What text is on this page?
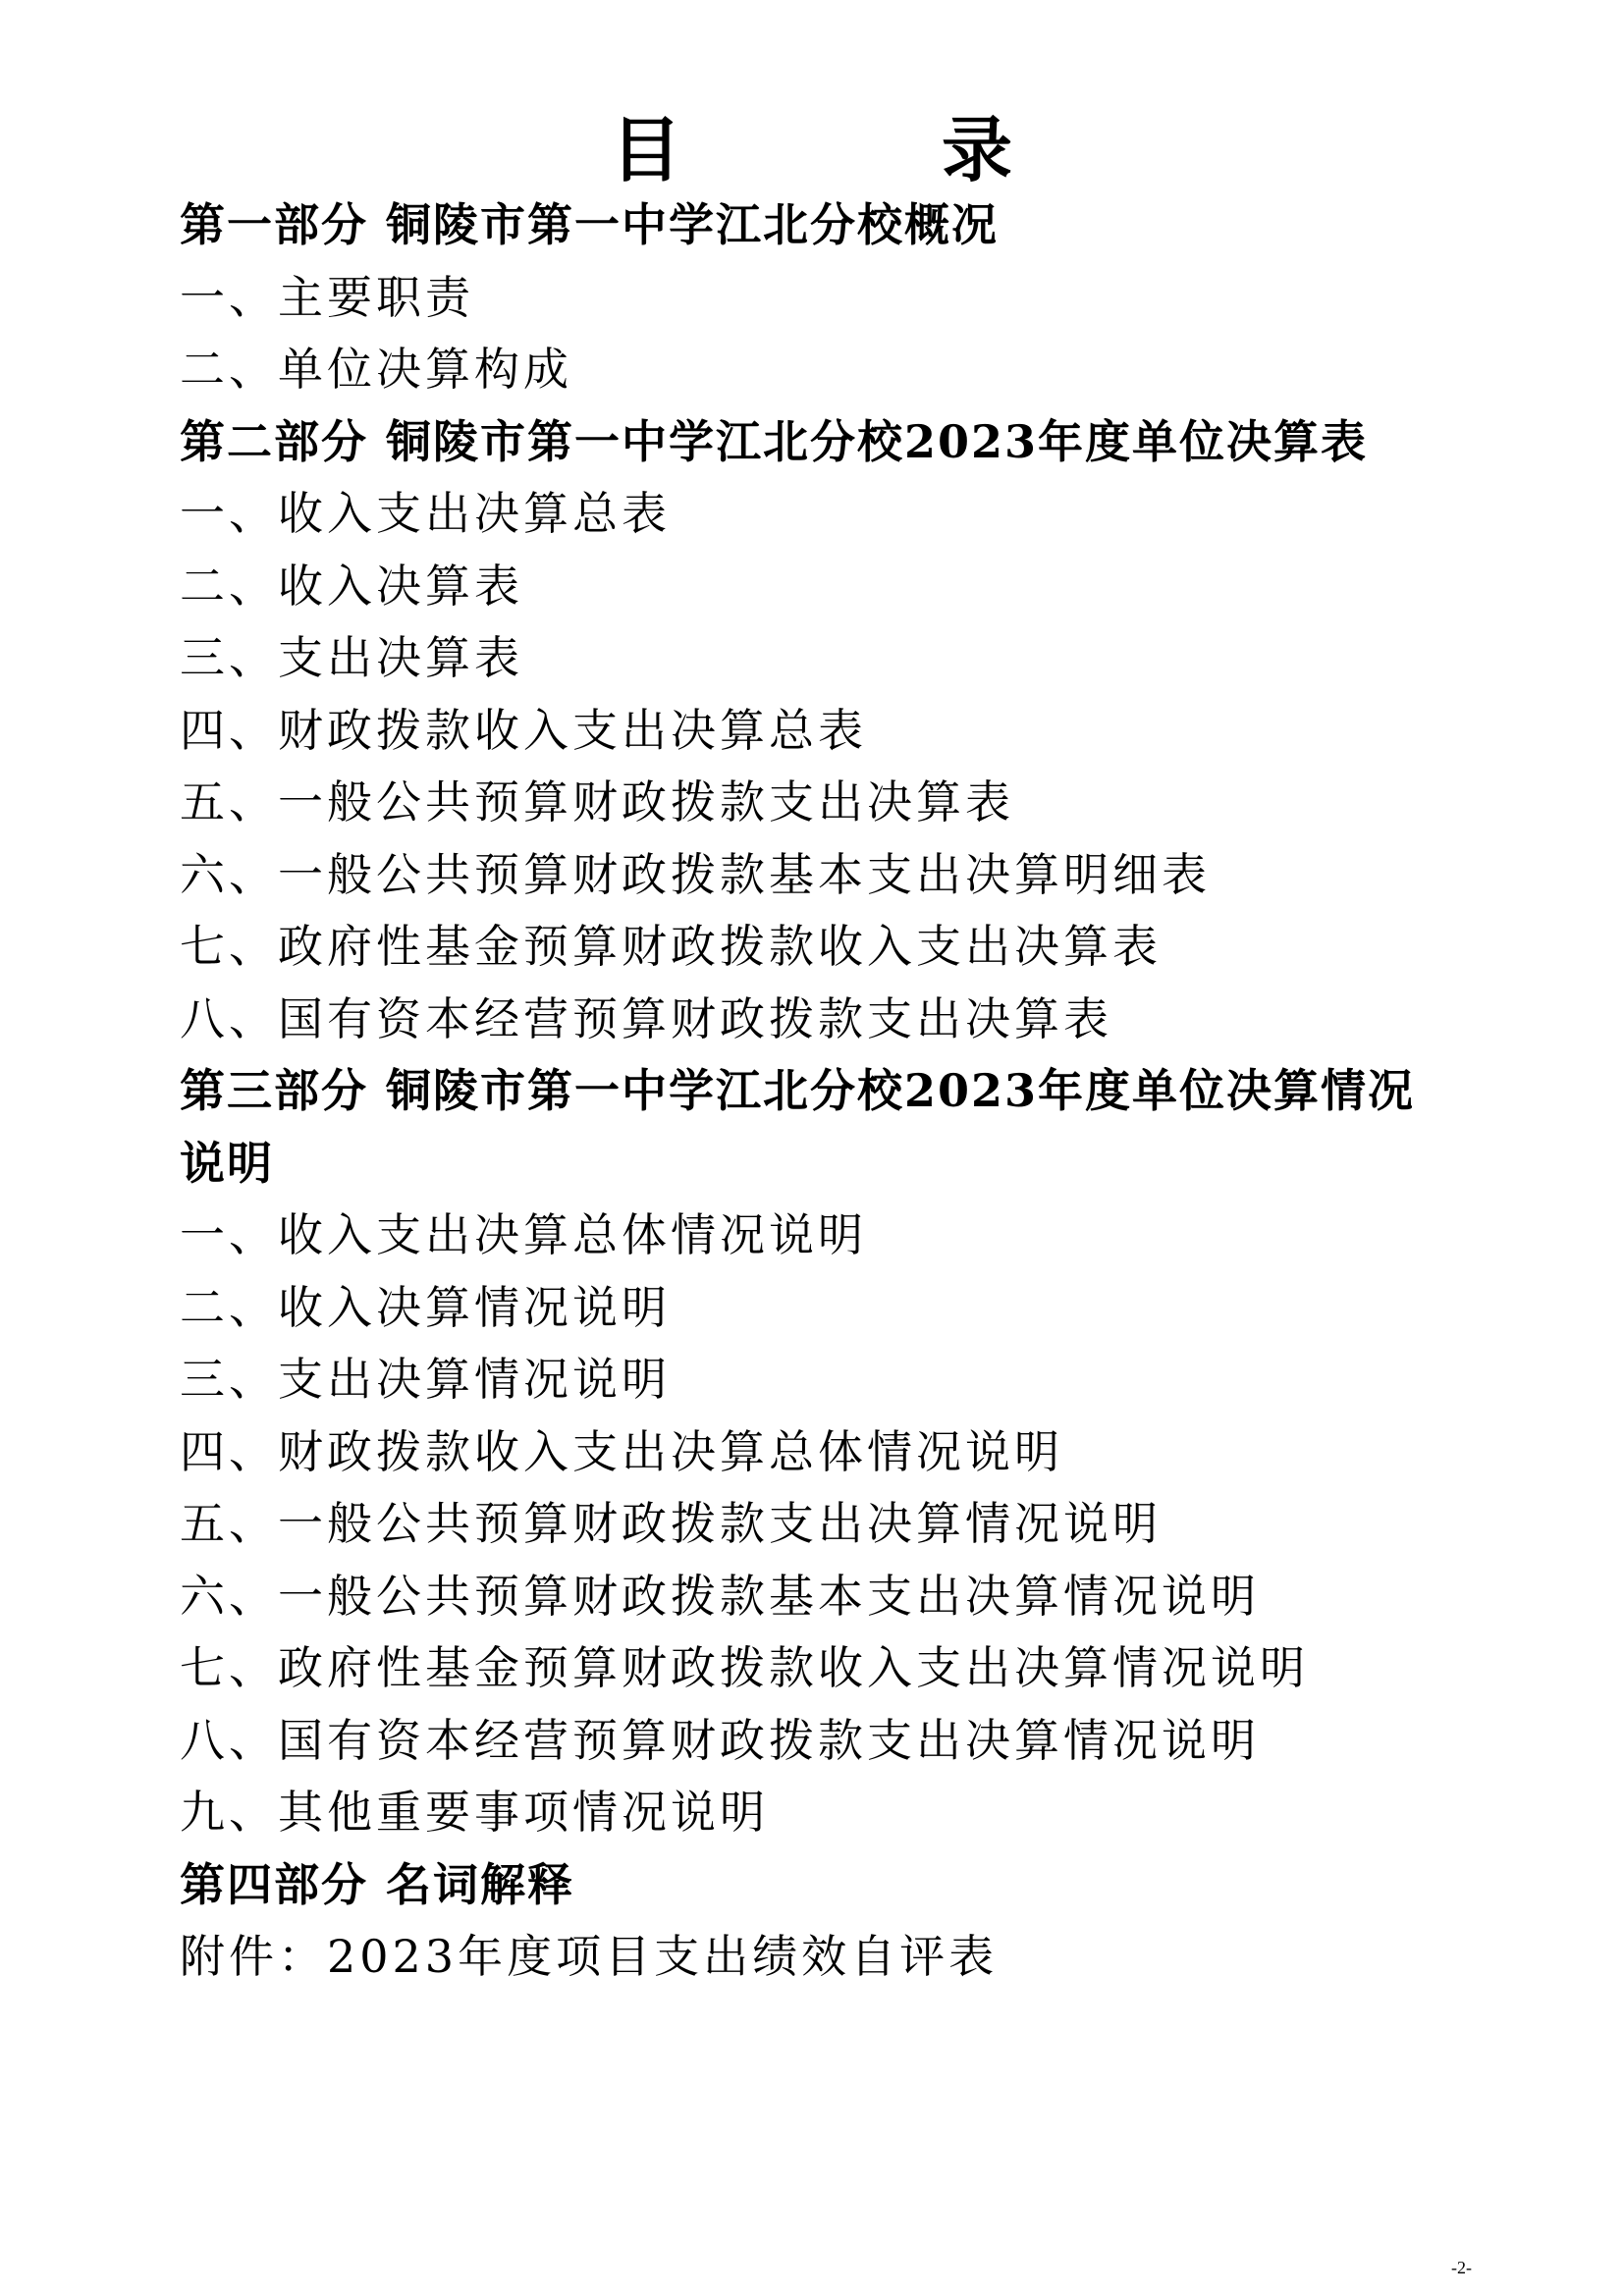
目 录
第一部分 铜陵市第一中学江北分校概况
一、主要职责
二、单位决算构成
第二部分 铜陵市第一中学江北分校2023年度单位决算表
一、收入支出决算总表
二、收入决算表
三、支出决算表
四、财政拨款收入支出决算总表
五、一般公共预算财政拨款支出决算表
六、一般公共预算财政拨款基本支出决算明细表
七、政府性基金预算财政拨款收入支出决算表
八、国有资本经营预算财政拨款支出决算表
第三部分 铜陵市第一中学江北分校2023年度单位决算情况
说明
一、收入支出决算总体情况说明
二、收入决算情况说明
三、支出决算情况说明
四、财政拨款收入支出决算总体情况说明
五、一般公共预算财政拨款支出决算情况说明
六、一般公共预算财政拨款基本支出决算情况说明
七、政府性基金预算财政拨款收入支出决算情况说明
八、国有资本经营预算财政拨款支出决算情况说明
九、其他重要事项情况说明
第四部分 名词解释
附件：2023年度项目支出绩效自评表
-2-
